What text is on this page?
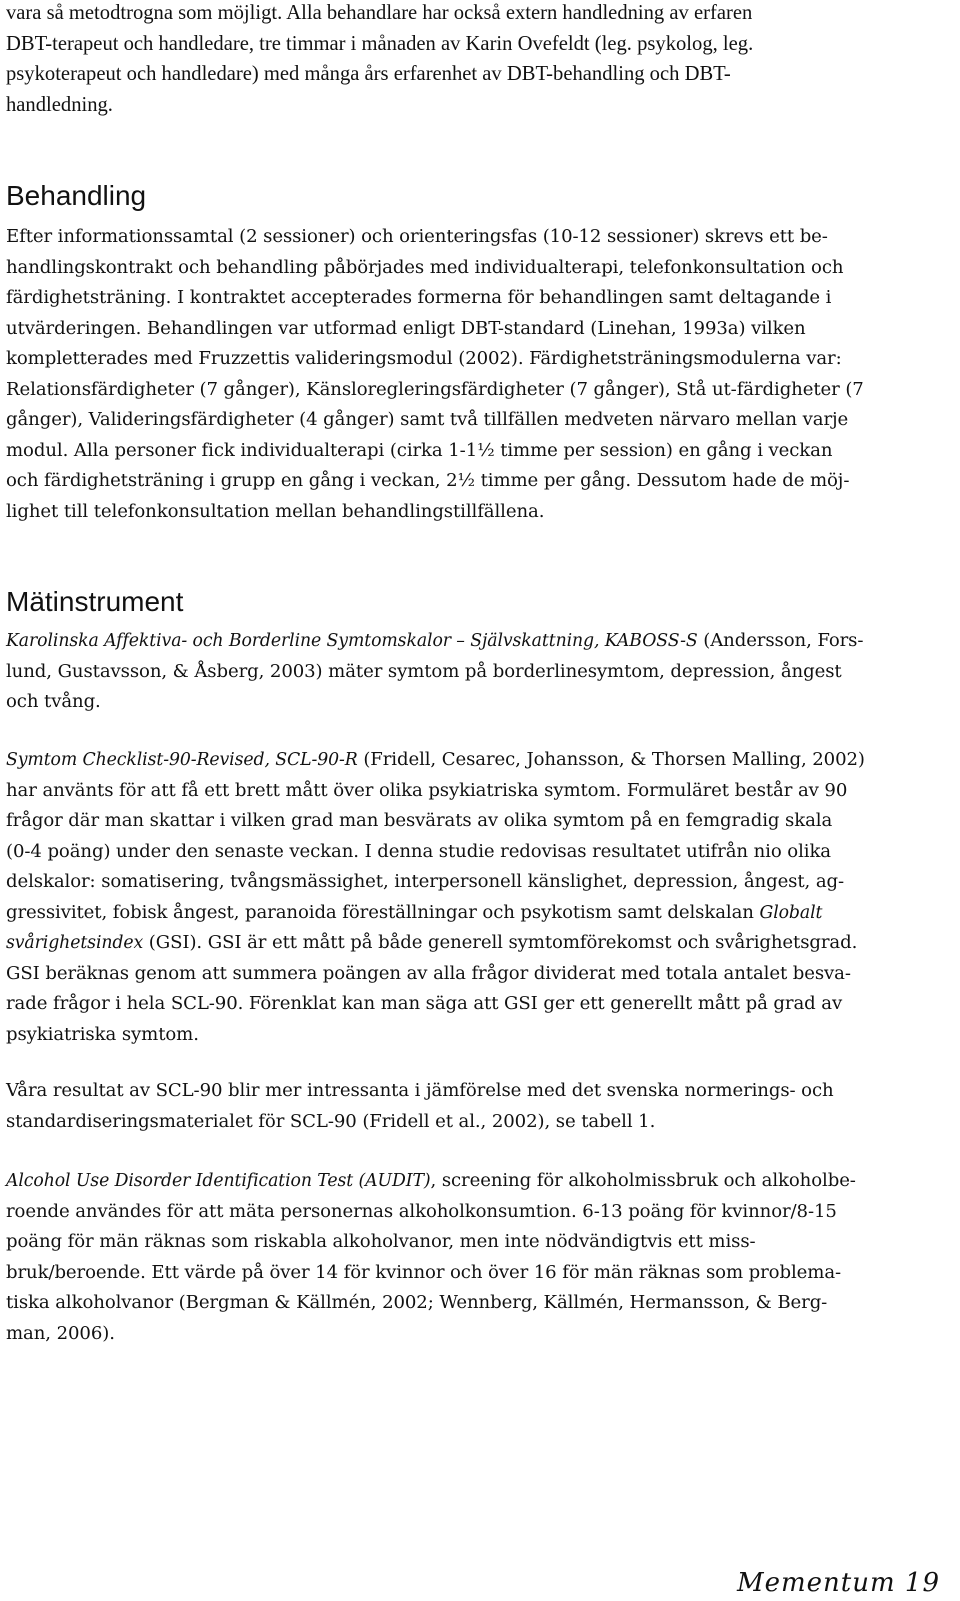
vara så metodtrogna som möjligt. Alla behandlare har också extern handledning av erfaren
DBT-terapeut och handledare, tre timmar i månaden av Karin Ovefeldt (leg. psykolog, leg.
psykoterapeut och handledare) med många års erfarenhet av DBT-behandling och DBT-
handledning.
Behandling
Efter informationssamtal (2 sessioner) och orienteringsfas (10-12 sessioner) skrevs ett be-
handlingskontrakt och behandling påbörjades med individualterapi, telefonkonsultation och
färdighetsträning. I kontraktet accepterades formerna för behandlingen samt deltagande i
utvärderingen. Behandlingen var utformad enligt DBT-standard (Linehan, 1993a) vilken
kompletterades med Fruzzettis valideringsmodul (2002). Färdighetsträningsmodulerna var:
Relationsfärdigheter (7 gånger), Känsloregleringsfärdigheter (7 gånger), Stå ut-färdigheter (7
gånger), Valideringsfärdigheter (4 gånger) samt två tillfällen medveten närvaro mellan varje
modul. Alla personer fick individualterapi (cirka 1-1½ timme per session) en gång i veckan
och färdighetsträning i grupp en gång i veckan, 2½ timme per gång. Dessutom hade de möj-
lighet till telefonkonsultation mellan behandlingstillfällena.
Mätinstrument
Karolinska Affektiva- och Borderline Symtomskalor – Självskattning, KABOSS-S (Andersson, Fors-
lund, Gustavsson, & Åsberg, 2003) mäter symtom på borderlinesymtom, depression, ångest
och tvång.
Symtom Checklist-90-Revised, SCL-90-R (Fridell, Cesarec, Johansson, & Thorsen Malling, 2002)
har använts för att få ett brett mått över olika psykiatriska symtom. Formuläret består av 90
frågor där man skattar i vilken grad man besvärats av olika symtom på en femgradig skala
(0-4 poäng) under den senaste veckan. I denna studie redovisas resultatet utifrån nio olika
delskalor: somatisering, tvångsmässighet, interpersonell känslighet, depression, ångest, ag-
gressivitet, fobisk ångest, paranoida föreställningar och psykotism samt delskalan Globalt
svårighetsindex (GSI). GSI är ett mått på både generell symtomförekomst och svårighetsgrad.
GSI beräknas genom att summera poängen av alla frågor dividerat med totala antalet besva-
rade frågor i hela SCL-90. Förenklat kan man säga att GSI ger ett generellt mått på grad av
psykiatriska symtom.
Våra resultat av SCL-90 blir mer intressanta i jämförelse med det svenska normerings- och
standardiseringsmaterialet för SCL-90 (Fridell et al., 2002), se tabell 1.
Alcohol Use Disorder Identification Test (AUDIT), screening för alkoholmissbruk och alkoholbe-
roende användes för att mäta personernas alkoholkonsumtion. 6-13 poäng för kvinnor/8-15
poäng för män räknas som riskabla alkoholvanor, men inte nödvändigtvis ett miss-
bruk/beroende. Ett värde på över 14 för kvinnor och över 16 för män räknas som problema-
tiska alkoholvanor (Bergman & Källmén, 2002; Wennberg, Källmén, Hermansson, & Berg-
man, 2006).
Mementum 19
